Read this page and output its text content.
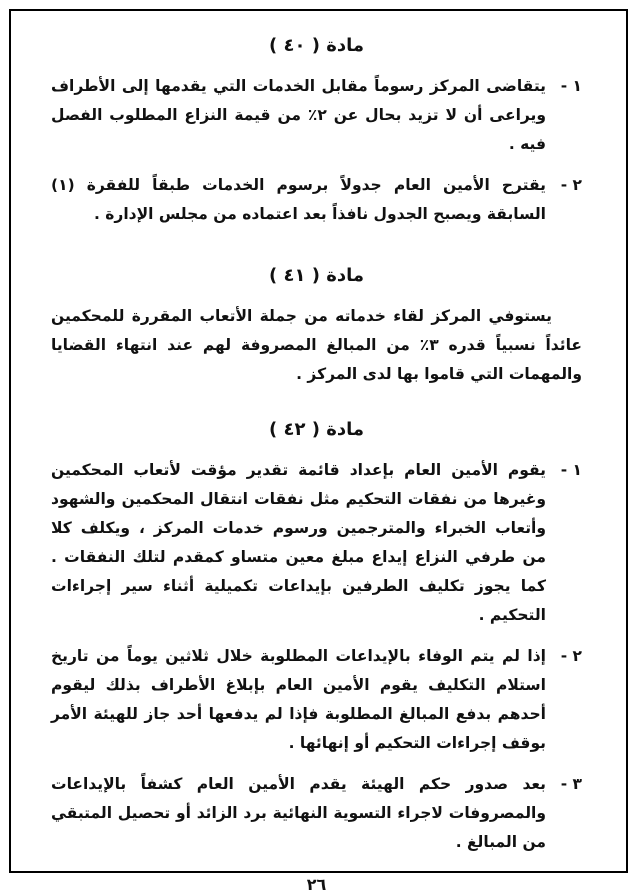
مادة ( ٤٠ )
١ -
يتقاضى المركز رسوماً مقابل الخدمات التي يقدمها إلى الأطراف ويراعى أن لا تزيد بحال عن ٢٪ من قيمة النزاع المطلوب الفصل فيه .
٢ -
يقترح الأمين العام جدولاً برسوم الخدمات طبقاً للفقرة (١) السابقة ويصبح الجدول نافذاً بعد اعتماده من مجلس الإدارة .
مادة ( ٤١ )

يستوفي المركز لقاء خدماته من جملة الأتعاب المقررة للمحكمين عائداً نسبياً قدره ٣٪ من المبالغ المصروفة لهم عند انتهاء القضايا والمهمات التي قاموا بها لدى المركز .

مادة ( ٤٢ )
١ -
يقوم الأمين العام بإعداد قائمة تقدير مؤقت لأتعاب المحكمين وغيرها من نفقات التحكيم مثل نفقات انتقال المحكمين والشهود وأتعاب الخبراء والمترجمين ورسوم خدمات المركز ، ويكلف كلا من طرفي النزاع إيداع مبلغ معين متساو كمقدم لتلك النفقات . كما يجوز تكليف الطرفين بإيداعات تكميلية أثناء سير إجراءات التحكيم .
٢ -
إذا لم يتم الوفاء بالإيداعات المطلوبة خلال ثلاثين يوماً من تاريخ استلام التكليف يقوم الأمين العام بإبلاغ الأطراف بذلك ليقوم أحدهم بدفع المبالغ المطلوبة فإذا لم يدفعها أحد جاز للهيئة الأمر بوقف إجراءات التحكيم أو إنهائها .
٣ -
بعد صدور حكم الهيئة يقدم الأمين العام كشفاً بالإيداعات والمصروفات لاجراء التسوية النهائية برد الزائد أو تحصيل المتبقي من المبالغ .
٢٦
